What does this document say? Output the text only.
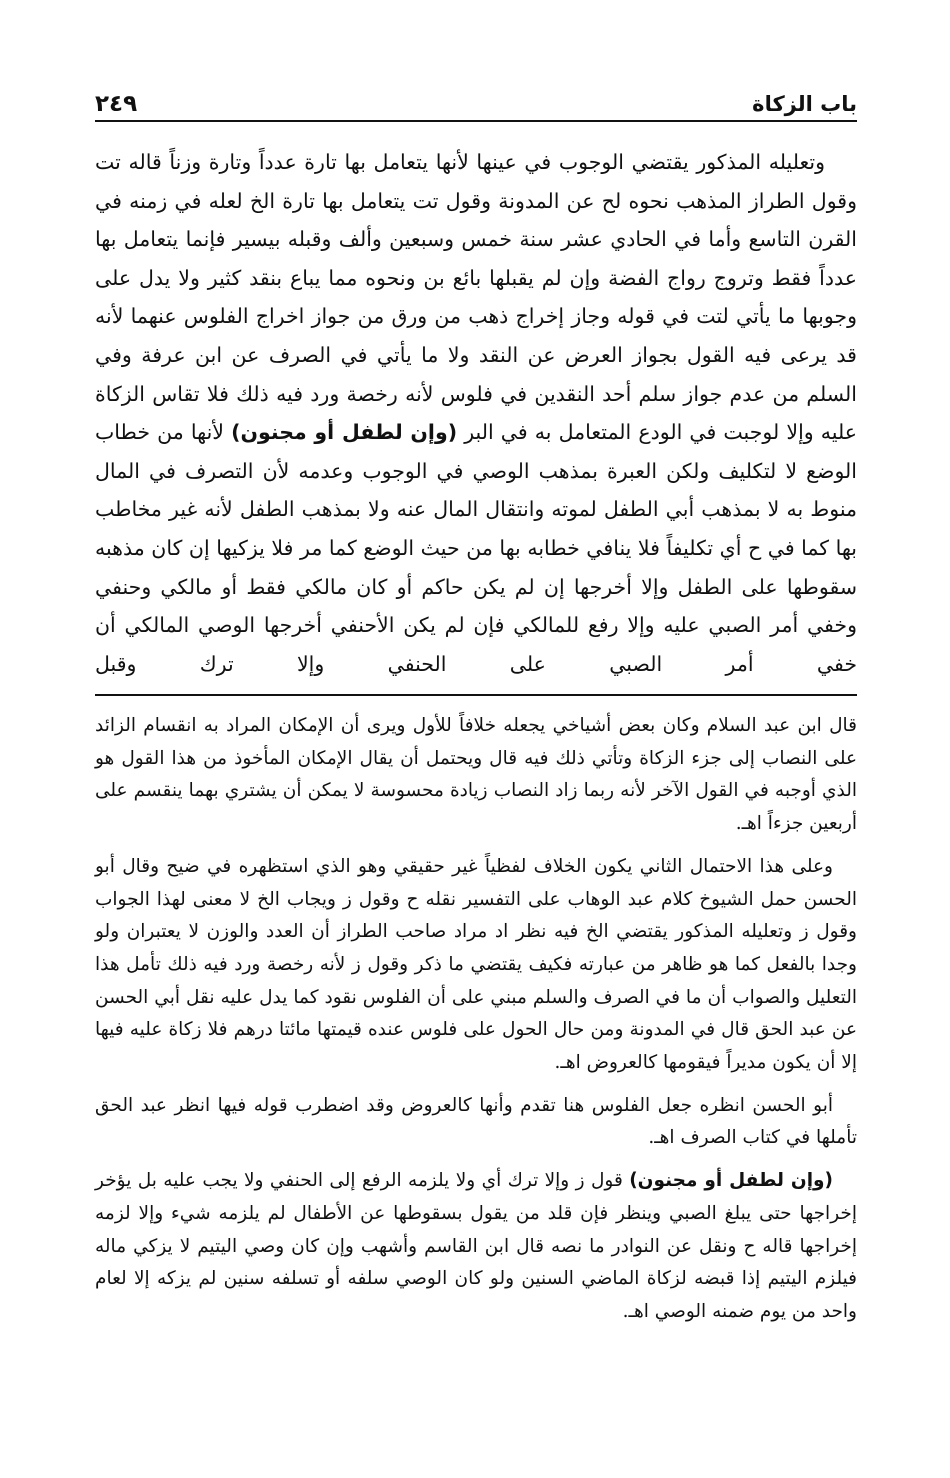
باب الزكاة
٢٤٩

وتعليله المذكور يقتضي الوجوب في عينها لأنها يتعامل بها تارة عدداً وتارة وزناً قاله تت وقول الطراز المذهب نحوه لح عن المدونة وقول تت يتعامل بها تارة الخ لعله في زمنه في القرن التاسع وأما في الحادي عشر سنة خمس وسبعين وألف وقبله بيسير فإنما يتعامل بها عدداً فقط وتروج رواج الفضة وإن لم يقبلها بائع بن ونحوه مما يباع بنقد كثير ولا يدل على وجوبها ما يأتي لتت في قوله وجاز إخراج ذهب من ورق من جواز اخراج الفلوس عنهما لأنه قد يرعى فيه القول بجواز العرض عن النقد ولا ما يأتي في الصرف عن ابن عرفة وفي السلم من عدم جواز سلم أحد النقدين في فلوس لأنه رخصة ورد فيه ذلك فلا تقاس الزكاة عليه وإلا لوجبت في الودع المتعامل به في البر (وإن لطفل أو مجنون) لأنها من خطاب الوضع لا لتكليف ولكن العبرة بمذهب الوصي في الوجوب وعدمه لأن التصرف في المال منوط به لا بمذهب أبي الطفل لموته وانتقال المال عنه ولا بمذهب الطفل لأنه غير مخاطب بها كما في ح أي تكليفاً فلا ينافي خطابه بها من حيث الوضع كما مر فلا يزكيها إن كان مذهبه سقوطها على الطفل وإلا أخرجها إن لم يكن حاكم أو كان مالكي فقط أو مالكي وحنفي وخفي أمر الصبي عليه وإلا رفع للمالكي فإن لم يكن الأحنفي أخرجها الوصي المالكي أن خفي أمر الصبي على الحنفي وإلا ترك وقبل

قال ابن عبد السلام وكان بعض أشياخي يجعله خلافاً للأول ويرى أن الإمكان المراد به انقسام الزائد على النصاب إلى جزء الزكاة وتأتي ذلك فيه قال ويحتمل أن يقال الإمكان المأخوذ من هذا القول هو الذي أوجبه في القول الآخر لأنه ربما زاد النصاب زيادة محسوسة لا يمكن أن يشتري بهما ينقسم على أربعين جزءاً اهـ.

وعلى هذا الاحتمال الثاني يكون الخلاف لفظياً غير حقيقي وهو الذي استظهره في ضيح وقال أبو الحسن حمل الشيوخ كلام عبد الوهاب على التفسير نقله ح وقول ز ويجاب الخ لا معنى لهذا الجواب وقول ز وتعليله المذكور يقتضي الخ فيه نظر اد مراد صاحب الطراز أن العدد والوزن لا يعتبران ولو وجدا بالفعل كما هو ظاهر من عبارته فكيف يقتضي ما ذكر وقول ز لأنه رخصة ورد فيه ذلك تأمل هذا التعليل والصواب أن ما في الصرف والسلم مبني على أن الفلوس نقود كما يدل عليه نقل أبي الحسن عن عبد الحق قال في المدونة ومن حال الحول على فلوس عنده قيمتها مائتا درهم فلا زكاة عليه فيها إلا أن يكون مديراً فيقومها كالعروض اهـ.

أبو الحسن انظره جعل الفلوس هنا تقدم وأنها كالعروض وقد اضطرب قوله فيها انظر عبد الحق تأملها في كتاب الصرف اهـ.

(وإن لطفل أو مجنون) قول ز وإلا ترك أي ولا يلزمه الرفع إلى الحنفي ولا يجب عليه بل يؤخر إخراجها حتى يبلغ الصبي وينظر فإن قلد من يقول بسقوطها عن الأطفال لم يلزمه شيء وإلا لزمه إخراجها قاله ح ونقل عن النوادر ما نصه قال ابن القاسم وأشهب وإن كان وصي اليتيم لا يزكي ماله فيلزم اليتيم إذا قبضه لزكاة الماضي السنين ولو كان الوصي سلفه أو تسلفه سنين لم يزكه إلا لعام واحد من يوم ضمنه الوصي اهـ.
